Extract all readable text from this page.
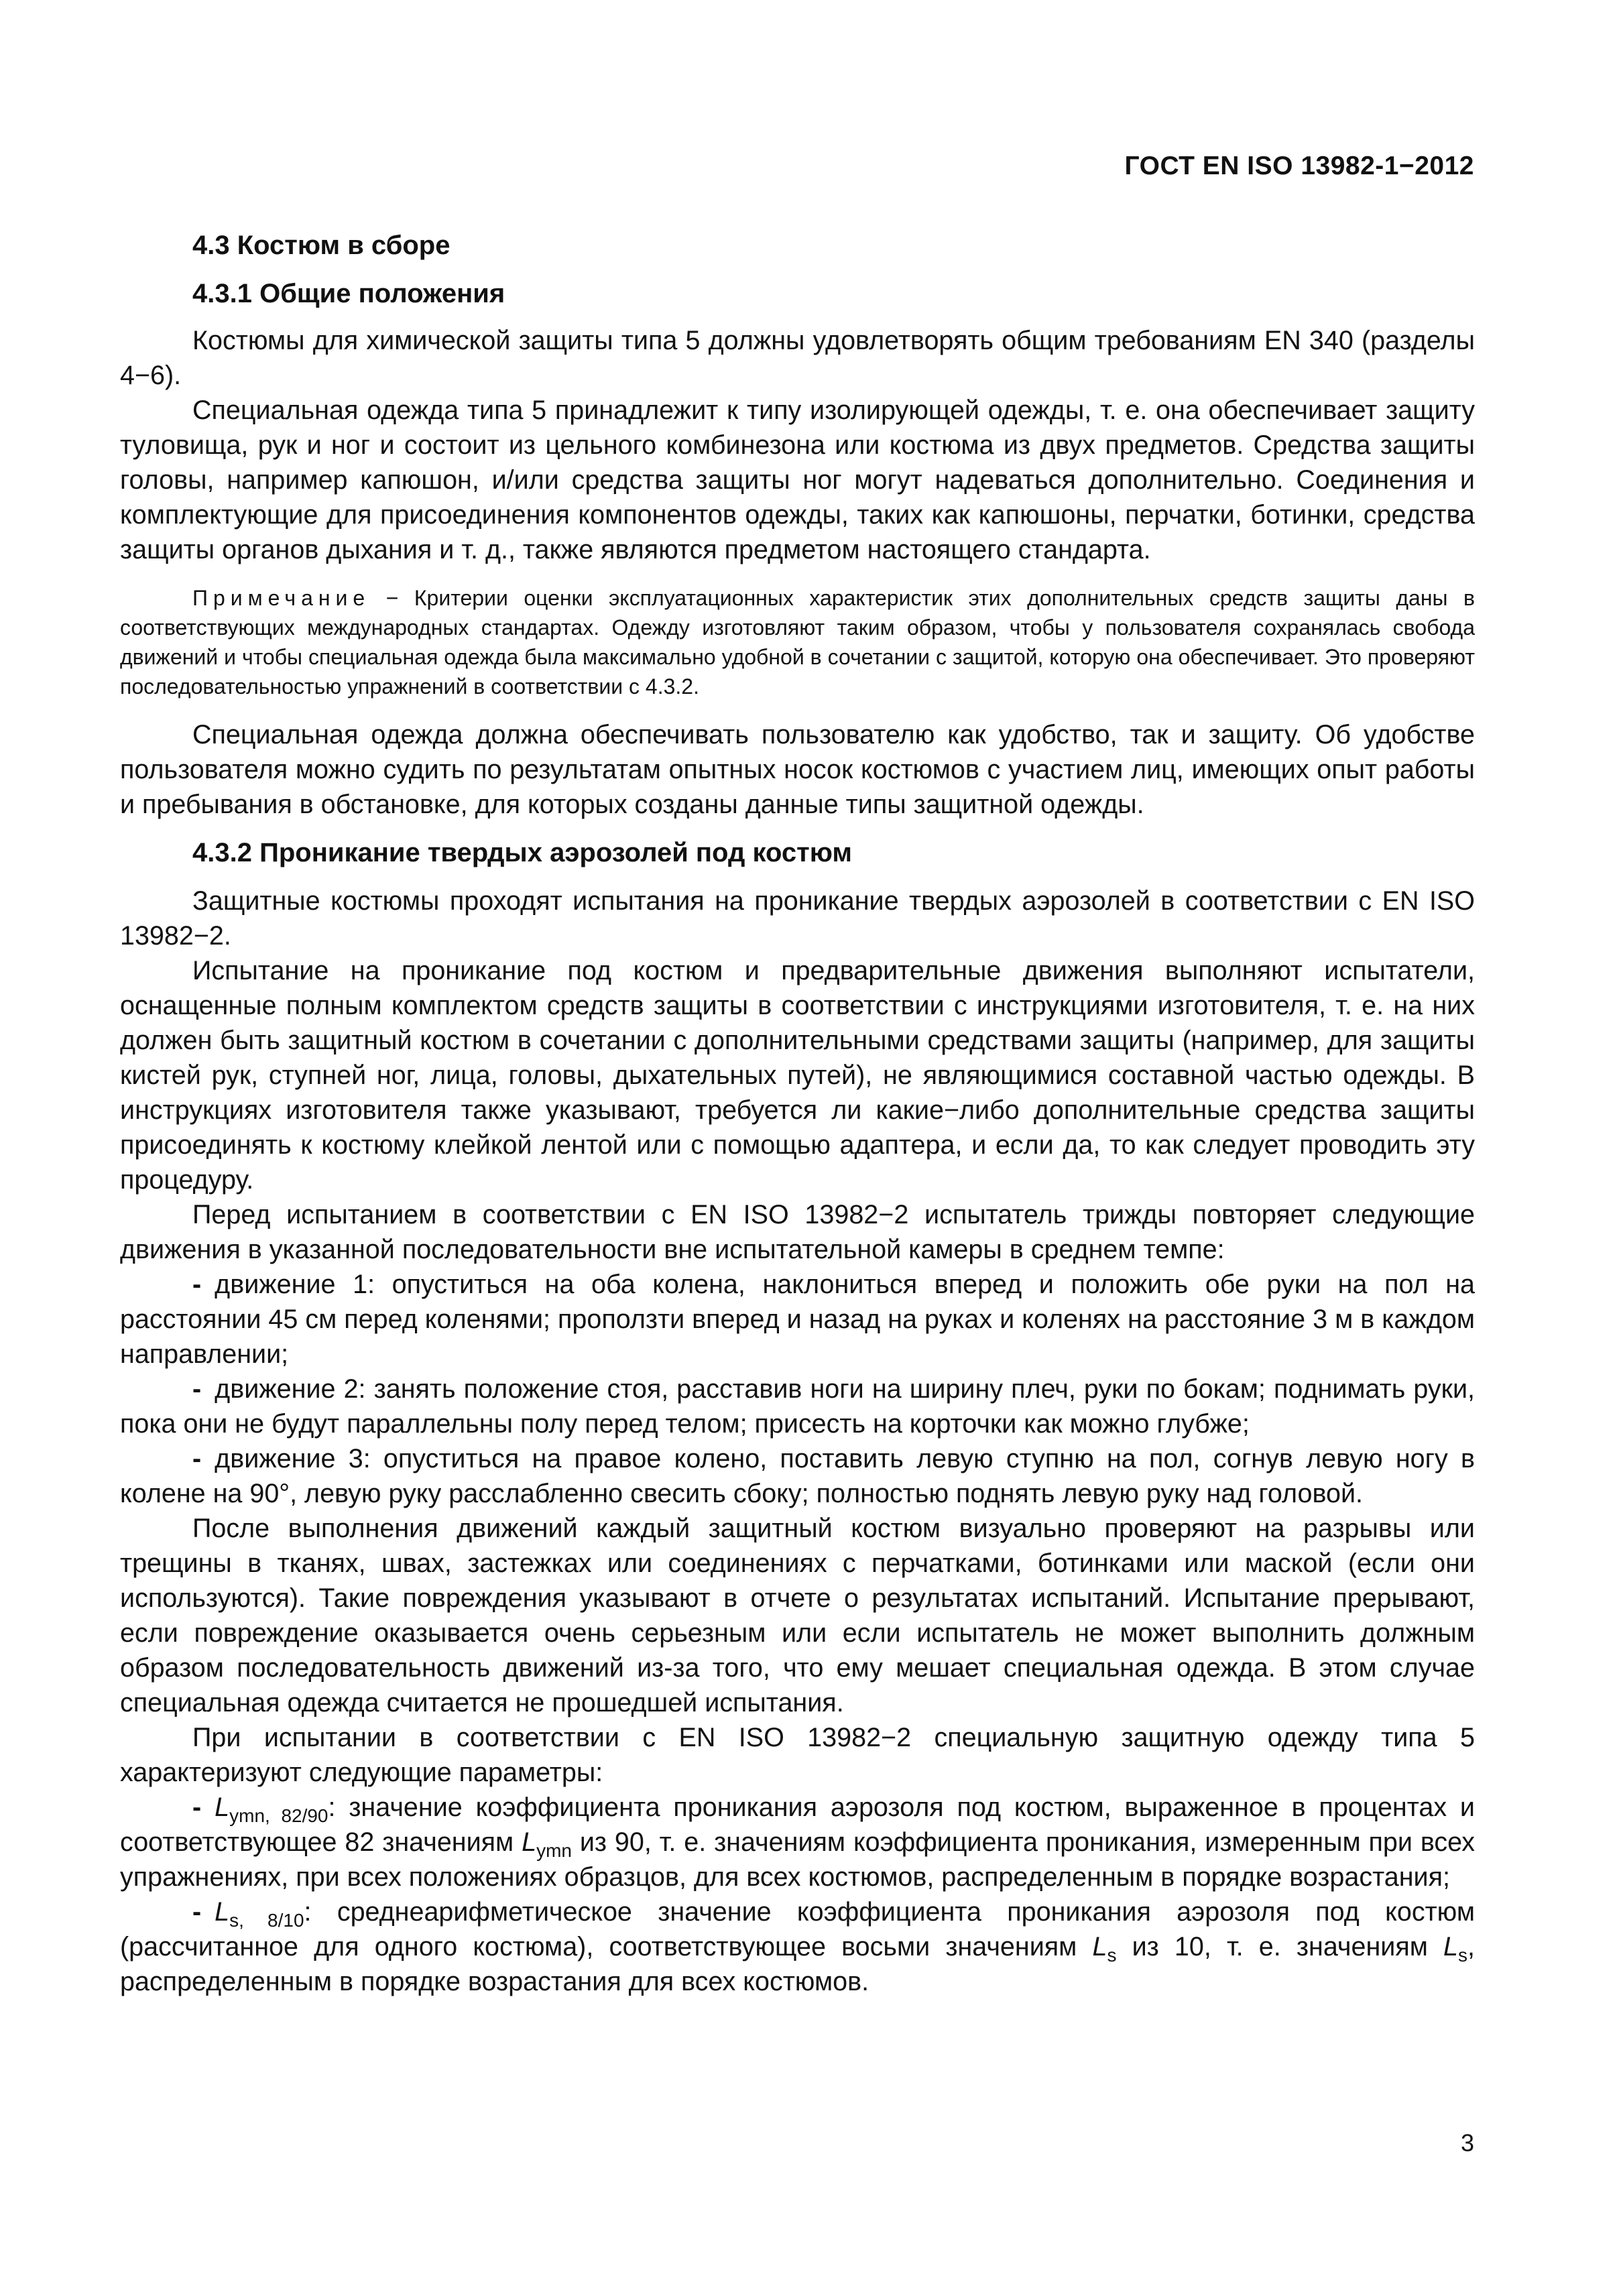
ГОСТ EN ISO 13982-1−2012
4.3 Костюм в сборе
4.3.1 Общие положения

Костюмы для химической защиты типа 5 должны удовлетворять общим требованиям EN 340 (разделы 4−6).

Специальная одежда типа 5 принадлежит к типу изолирующей одежды, т. е. она обеспечивает защиту туловища, рук и ног и состоит из цельного комбинезона или костюма из двух предметов. Средства защиты головы, например капюшон, и/или средства защиты ног могут надеваться дополнительно. Соединения и комплектующие для присоединения компонентов одежды, таких как капюшоны, перчатки, ботинки, средства защиты органов дыхания и т. д., также являются предметом настоящего стандарта.

Примечание − Критерии оценки эксплуатационных характеристик этих дополнительных средств защиты даны в соответствующих международных стандартах. Одежду изготовляют таким образом, чтобы у пользователя сохранялась свобода движений и чтобы специальная одежда была максимально удобной в сочетании с защитой, которую она обеспечивает. Это проверяют последовательностью упражнений в соответствии с 4.3.2.

Специальная одежда должна обеспечивать пользователю как удобство, так и защиту. Об удобстве пользователя можно судить по результатам опытных носок костюмов с участием лиц, имеющих опыт работы и пребывания в обстановке, для которых созданы данные типы защитной одежды.

4.3.2 Проникание твердых аэрозолей под костюм

Защитные костюмы проходят испытания на проникание твердых аэрозолей в соответствии с EN ISO 13982−2.

Испытание на проникание под костюм и предварительные движения выполняют испытатели, оснащенные полным комплектом средств защиты в соответствии с инструкциями изготовителя, т. е. на них должен быть защитный костюм в сочетании с дополнительными средствами защиты (например, для защиты кистей рук, ступней ног, лица, головы, дыхательных путей), не являющимися составной частью одежды. В инструкциях изготовителя также указывают, требуется ли какие−либо дополнительные средства защиты присоединять к костюму клейкой лентой или с помощью адаптера, и если да, то как следует проводить эту процедуру.

Перед испытанием в соответствии с EN ISO 13982−2 испытатель трижды повторяет следующие движения в указанной последовательности вне испытательной камеры в среднем темпе:

- движение 1: опуститься на оба колена, наклониться вперед и положить обе руки на пол на расстоянии 45 см перед коленями; проползти вперед и назад на руках и коленях на расстояние 3 м в каждом направлении;
- движение 2: занять положение стоя, расставив ноги на ширину плеч, руки по бокам; поднимать руки, пока они не будут параллельны полу перед телом; присесть на корточки как можно глубже;
- движение 3: опуститься на правое колено, поставить левую ступню на пол, согнув левую ногу в колене на 90°, левую руку расслабленно свесить сбоку; полностью поднять левую руку над головой.

После выполнения движений каждый защитный костюм визуально проверяют на разрывы или трещины в тканях, швах, застежках или соединениях с перчатками, ботинками или маской (если они используются). Такие повреждения указывают в отчете о результатах испытаний. Испытание прерывают, если повреждение оказывается очень серьезным или если испытатель не может выполнить должным образом последовательность движений из-за того, что ему мешает специальная одежда. В этом случае специальная одежда считается не прошедшей испытания.

При испытании в соответствии с EN ISO 13982−2 специальную защитную одежду типа 5 характеризуют следующие параметры:

- $L_{ymn, 82/90}$: значение коэффициента проникания аэрозоля под костюм, выраженное в процентах и соответствующее 82 значениям $L_{ymn}$ из 90, т. е. значениям коэффициента проникания, измеренным при всех упражнениях, при всех положениях образцов, для всех костюмов, распределенным в порядке возрастания;
- $L_{s, 8/10}$: среднеарифметическое значение коэффициента проникания аэрозоля под костюм (рассчитанное для одного костюма), соответствующее восьми значениям $L_s$ из 10, т. е. значениям $L_s$, распределенным в порядке возрастания для всех костюмов.
3
